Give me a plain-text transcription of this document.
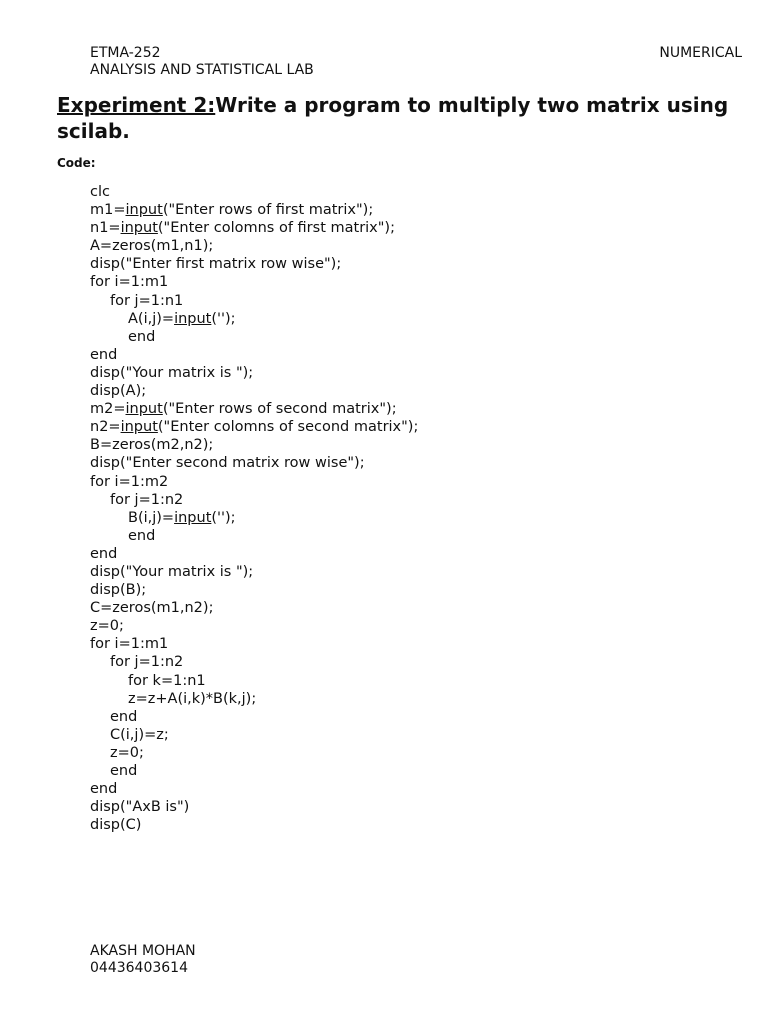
ETMA-252
ANALYSIS AND STATISTICAL LAB
NUMERICAL
Experiment 2:Write a program to multiply two matrix using scilab.
Code:
clc
m1=input("Enter rows of first matrix");
n1=input("Enter colomns of first matrix");
A=zeros(m1,n1);
disp("Enter first matrix row wise");
for i=1:m1
for j=1:n1
A(i,j)=input('');
end
end
disp("Your matrix is ");
disp(A);
m2=input("Enter rows of second matrix");
n2=input("Enter colomns of second matrix");
B=zeros(m2,n2);
disp("Enter second matrix row wise");
for i=1:m2
for j=1:n2
B(i,j)=input('');
end
end
disp("Your matrix is ");
disp(B);
C=zeros(m1,n2);
z=0;
for i=1:m1
for j=1:n2
for k=1:n1
z=z+A(i,k)*B(k,j);
end
C(i,j)=z;
z=0;
end
end
disp("AxB is")
disp(C)
AKASH MOHAN
04436403614
